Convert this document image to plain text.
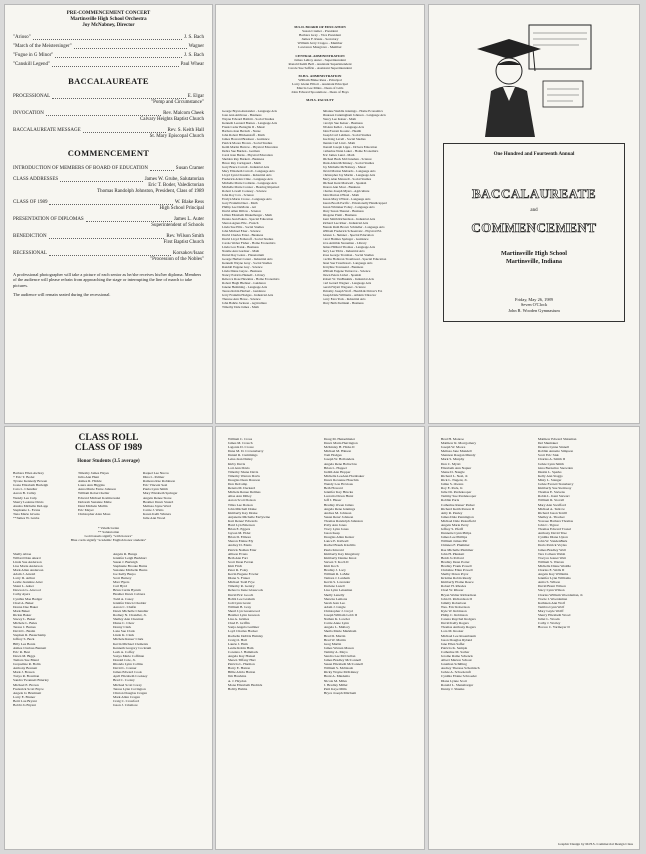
PRE-COMMENCEMENT CONCERT
Martinsville High School Orchestra
Joy McNabney, Director
"Arioso"	J. S. Bach
"March of the Meistersinger"	Wagner
"Fugue in G Minor"	J. S. Bach
"Canskill Legend"	Paul Whear
BACCALAUREATE
PROCESSIONAL	E. Elgar
"Pomp and Circumstance"
INVOCATION	Rev. Malcom Cheek
Calvary Heights Baptist Church
BACCALAUREATE MESSAGE	Rev. S. Keith Hall
St. Mary Episcopal Church
COMMENCEMENT
INTRODUCTION OF MEMBERS OF BOARD OF EDUCATION	Susan Cramer
CLASS ADDRESSES	James W. Grube, Salutatorian
Eric T. Boder, Valedictorian
Thomas Randolph Johnston, President, Class of 1989
CLASS OF 1989	W. Blake Ress
High School Principal
PRESENTATION OF DIPLOMAS	James L. Auter
Superintendent of Schools
BENEDICTION	Rev. Wilson Smith
First Baptist Church
RECESSIONAL	Korsakov/Isaac
"Procession of the Nobles"
A professional photographer will take a picture of each senior as he/she receives his/her diploma. Members of the audience will please refrain from approaching the stage or interrupting the line of march to take pictures.
The audience will remain seated during the recessional.
M.S.D. BOARD OF EDUCATION
Susan Cramer - President
Barbara Gray - Vice President
James F. Rusie - Secretary
William Jerry Crageo - Member
Lawrence Musgrave - Member
CENTRAL ADMINISTRATION
James LeRoy Auter - Superintendent
Ronald Keith Bell - Assistant Superintendent
Carole Sue Seffrin - Assistant Superintendent
M.H.S. ADMINISTRATION
William Blake Ress - Principal
Larry Glenn Elliott - Assistant Principal
Marcia Lee Miles - Dean of Girls
John Edward Spoonmore - Dean of Boys
M.H.S. FACULTY
George Bryan Alexander - Language Arts
Joan Ann Ambrose - Business
Wayne Edward Babbitt - Social Studies
Kenneth Leonard Barnes - Language Arts
Frank Cedar Battaglia II - Music
Barbara Jean Bertsch - Nurse
John Robert Blickenstaff - Math
James Howard Brashear - Guidance
Patrick Moore Brown - Social Studies
Keith Martin Butrow - Physical Education
Debra Sue Burden - German
Carol Jean Burns - Physical Education
Sheldon Ray Burkett - Business
Bruce Ray Carlsgaard - Math
Gary Bruce Carroll - Industrial Arts
Mary Elizabeth Carroll - Language Arts
Lloyd Lynn Chastain - Industrial Arts
Frederick Arlen Cline - Language Arts
Michelle Marie Coddens - Language Arts
Michelle Marie Connor - Hearing Impaired
Robert Lowell Cooksey - Science
John Roy Cox - Science
Evelyn Marie Crowe - Language Arts
Gary Franklin Deer - Math
Phillip Lee DeMotte - Art
David Allen Dillow - Science
Lillian Elizabeth Dinkelberger - Math
Donna Jean Eaken - Special Education
Sharon Agnes Elle - French
Linda Sue Ellis - Social Studies
John Michael Elser - Science
David Charles Ernst - Business
David Lloyd Fetharoff - Social Studies
Carole Weber Fisher - Home Economics
Linda Lou Frank - Business
Natalie Ann Gardner - Math
Darrel Ray Goins - Planetarium
George Herbert Grant - Industrial Arts
Kenneth Wayne Gray - Social Studies
Randall Eugene Guy - Science
Linda Diane Guyre - Business
Nancy Patricia Haskell - Library
Rebecca Rose Hawkins - Home Economics
Robert Hugh Hiebner - Guidance
Janene Hemming - Language Arts
Teresa Robin Herbert - Guidance
Jerry Franklin Hodges - Industrial Arts
Therese Ann Howe - Science
John Bahrle Jackson - Agriculture
Timothy Dale James - Math
Julianne Weddle Jennings - Home Economics
Maureen Cunningham Johnson - Language Arts
Nancy Lee Kaiser - Math
Carolyn Sue Keiser - Business
Jill Ann Keller - Language Arts
John Everett Koontz - Health
Joseph Carl Lehman - Social Studies
Sue King Levell - Social Studies
Dennis Carl Lind - Math
Donald Joseph Lipps - Drivers Education
Catherine Nann Luker - Home Economics
Eric James Lund - Math
Michael Buck McClanahan - Science
Mark Allen McKinney - Social Studies
Joy Michelle McNabney - Music
David Marion Mebards - Language Arts
Christopher Jay Martin - Language Arts
Barry Alan Maxwell - Social Studies
Michael Kent Maxwell - Spanish
Sharon Ann Most - Business
Charles Joseph Myers - Agriculture
John Marion O'Neal - Math
Susan Mary O'Neal - Language Arts
Karen Booth Pacific - Emotionally Handicapped
Susan Whitaker Poltey - Language Arts
Mary Susan Theuret - Business
Imogene Pruitt - Business
Kent Smith Richardson - Industrial Arts
Richard Lee Riser - Industrial Arts
Brenda Ruth Brown Schindler - Language Arts
William Frederick Schoenvetz - Physical Ed.
Alonzo L. Skinner - Special Education
Carol Holmes Springer - Guidance
Iova Armilda Stoneman - Library
James Hilliard Thomas - Language Arts
Jerry Lee Tibbs - Industrial Arts
Rosa George Troxman - Social Studies
Cecilia Holloran Troutbread - Special Education
Janet Sue Troutbread - Language Arts
Terryline Townsend - Business
William Eugene Tuttarove - Science
Dawn Peters Uebel - Spanish
Robert W. VanBuskirk - Industrial Arts
Carl Gerard Wagner - Language Arts
Gerald Wyatt Wagoner - Science
Timothy Joseph Wolf - Health & Driver's Ed.
Joseph Dale Williams - Athletic Director
Larry Ezra York - Industrial Arts
Mary Beth Zielinski - Business
One Hundred and Fourteenth Annual
BACCALAUREATE
and
COMMENCEMENT
Martinsville High School
Martinsville, Indiana
Friday, May 26, 1989
Seven O'Clock
John R. Wooden Gymnasium
CLASS ROLL
CLASS OF 1989
Honor Students (3.5 average)
Barbara Ellen Awbrey
+ Eric T. Boder
Tyrone Kennedy Bowen
Joana Elizabeth Burleigh
Cara L. Chandler
Aaron B. Culley
Wendy Lea Culp
Sherry LeAnne Davis
Alesha Michelle DeLapp
Stephanie L. Evans
Tana Marie Givens
**James W. Grube
Timothy James Hayes
Julia Ann Hunt
Aimee R. Hickle
Laura Ann Higgins
Anna Marie Ferne Johnson
William Robert Keller
Edward Michael Kominowski
Deborah Suzanne Mabe
Dani Michele Mullin
Eric Meyer
Christopher Alan Moss
Raquel Lee Nucos
Dina L. Palmer
Ramona Rae Robinson
Eric Vincent Seal
Paula Lynn Smith
Mary Elizabeth Springer
Angela Renee Stone
Heather Dawn Stuard
Melissa Jayne Ward
Carrie J. Watts
Karen Kelli Winters
Julie Ann Wood
* Valedictorian
** Salutatorian
Gold tassels signify "with honors"
Blue cords signify "academic English honor students"
Shelly Abrae
Willard Dale Akard
Linda Sue Anderson
Lisa Marie Anderson
Mark Allen Anderson
Adam J. Arnold
Larry D. Arthur
Leslie Jeannine Arter
Shani L. Asher
Dawson G. Atwood
Cathy Ayers
Cynthia Mae Badger
Chad A. Baker
Donna Dee Baker
Mark Baker
Rickie Baker
Stacey L. Baker
Michele L. Bales
Teresa J. Barnes
David L. Bastin
Stephen R. Beauchamp
Jeffrey S. Beck
Billy Lee Bonta
Aimee Clarissa Bennett
Eric R. Best
Dawn M. Biggs
Tamara Sue Bland
Jacqueline R. Bolin
Anthony Bonnett
Mark J. Bowen
Tonya R. Bowman
Sandra Twanneti Brierley
Michael E. Brown
Frederick Scott Bryce
Angela Jo Brumnett
Larry E. Bruner
Betti Lou Bryant
Bobbi Jo Bryant
Angela R. Bunge
Jennifer Leigh Burkhart
Susan J. Burleigh
Stephanie Brooke Burns
Suzanne Michelle Burns
Joe Kelly Burpo
Scott Buttery
Marc Byers
Carl Byrd
Brian Curtis Byrum
Heather Dawn Cabrera
Todd A. Casey
Jennifer Dawn Chadder
Aaron C. Chafin
Dawn Michelle Chandler
Rodney N. Chandler, Jr.
Shelley Ann Chestnut
Diane C. Chew
Donny Clark
Lana Sue Clark
Linda K. Clark
Michele Renee' Clark
Kevin Michael Clements
Kenneth Gregory Cockrum
Leah A. Coffey
Sonya Marie Coffman
Donald Cole, Jr.
Rhonda Lynn Collins
David L. Conner
James Edward Cook
April Elizabeth Cooksey
Brad C. Cooley
Michael Scott Corey
Teresa Lynn Covington
Clinton Douglas Cragen
Mark Allen Cragen
Craig C. Crawford
Jason J. Crismore
William C. Cross
James M. Crouch
Lagonia D. Crowe
Dana M. D. Crownsberry
Daniel R. Cummings
Leisa Jean Dailey
Kirby Davis
Lori Ann Davis
Timothy Shane Davis
Timothy Warren Davis
Douglas Dean Dawson
Don DeCamp
Renata M. Deckard
Michele Renee Delmas
Alisa Ann Dilley
Aaron Scott Dotson
Tilisa Lee Dotson
John Mitchell Drake
Kimberly Kay Drake
Anjanette Michelle Earlywine
Kari Renee' Edwards
Harri Lyn Emerson
Brian E. Eggers
Jayson M. Elder
Brian D. Elmore
Sharon Elaine Ely
Andrey D. Ennis
Patrick Nathan Etter
Allison Evans
Beth Ann Farr
Scott Dean Ferran
Kim Fitch
Peter R. Foley
Kevin Eugene Fowler
Diane S. Fraker
Michael Todd Frye
Timothy R. Gentry
Rebecca Irene Glasscock
David Eric Gooch
Bobbi Lee Graham
Jodi Lynn Grant
William B. Gray
Sherri Lyn Greenwood
Heather Lynn Greeson
Lisa A. Grimes
Chad E. Griffin
Sonja Angela Guiltner
Loyd Charles Hacker
Rachelle DeDris Hainley
Craig O. Hall
Laurie J. Ham
Leslie Robin Ham
Corenna J. Hammack
Angela Kay Hansel
Shawn Tiffany Hart
Patricia L. Harmon
Barry E. Hatton
Billie Alicia Hatton
Jim Hawkins
A. J. Haydon
Mona Elizabeth Hedrick
Bobby Helms
Doug M. Henselmeier
Dawn Maria Herrington
McKinley H. Hicks II
Michael M. Hinson
Tom Hodges
Joseph W. Hollanders
Angela Rene Holtsclaw
Brian L. Hoppel
Judith Ann Hopper
Michelle LeeAnn Hornbaker
Dawn Roxanne Houchin
Wendy Lou Hovious
Beth Howard
Jennifer Kay Hrucka
Lucretia Dawn Hurst
Jeff J. Huser
Bradley Owen James
Angela Rene Jennings
Andrea M. Johnson
Susan Rene' Johnson
Thomas Randolph Johnston
Polly Ann Jones
Tracy Lynn Jones
Jason Keep
Douglas Allen Keizer
Lance E. Kidwell
Rachel Bourk Kischlis
Paula Kincaid
Kimberly Kay Kingsbury
Kimberly Denise Knox
Steven T. Koch II
Kim Koch
Bradley J. Lacy
William R. LaMar
Tamara J. Lanham
Kevin S. Lavender
Darlene Lazell
Lisa Lynn Leissman
Shelly Lenelly
Shawna Lemons
Sarah Jean Leo
Adam J. Lingle
Christopher J. Lloyd
Joseph William Lobb II
Nathan K. Lowder
Carrie Anne Lynn
Angela L. Mallory
Sheila Marie Markham
Brad D. Martin
Brad W. Martin
Greg Martin
James Warren Mason
Tammy A. Mayo
Sandra Lee McClellan
James Bradley McConnell
Susan Elizabeth McConnell
William S. McIntosh
Ricky Wayne McKinney
Brent A. Miedema
Nicole M. Miles
J. Bradley Miller
Patti Kaye Mills
Bryce Joseph Mitchem
Brad H. Monroe
Matthew R. Morrgomery
Joseph W. Moore
Melissa Jane Mundell
Shannon Raegan Mundy
Mark S. Murphy
Don C. Myrzi
Elizabeth Ann Napier
Shane D. Naugle
Richard L. Neal, Jr.
Rick L. Nugent, Jr.
Jamie S. Owens
Roy E. Pack, Jr.
Julie Di. Pardekooper
Tammy Sue Pardekooper
Robbin Paris
Catherine Renee' Parker
Richard Keith Parson II
Amy R. Pauley
James Dale Pennington
Michael Dale Pesterfield
Angela Marie Perry
Jeffrey S. Pfeiff
Dannette Lynn Philps
James Lee Phillips
William James Pitt
Chinnea F. Plummer
Rae Michelle Plummer
John H. Plunkett
Heidi Jo Pollard
Bradley Dean Porter
Bradley Frank Powell
Christine Ellen Powell
Shelby Dawn Pryor
Kristine Robin Ready
Kimberly Elaine Reece
Robert H. Rhodes
Chad W. Rhorer
Bryan Walter Richardson
John D. Richardson II
Jammy Robertson
Wes. Eric Robertson
Kyle W. Robinson
Philip C. Robinson
Carena Ruychel Rodgers
David Kelly Rogers
Thomas Anthony Rogers
Lora M. Rooker
Michael Lee Rosenbaum
Jason Douglas Ryland
Jane Ellen Saffer
Patricia K. Sample
Catherine M. Sarber
Jerome Rame Schenck
Albert Marion Schour
Jonathan Schilling
Audrey Therese Schomisch
Jackie A. Schooleruft
Cynthia Elaine Schroeder
Diana Lynne Scott
Ronald L. Shanabarger
Danny J. Shanks
Matthew Edward Shireman
Del Shumaker
Deanna Lynne Sinnell
Robbin Annette Simpson
Scott Eric Sisk
Charles A. Smith II
Jackie Lynn Smith
Gina Bernalice Snowden
Dustin L. Sparks
Kelly Ann Staggs
Misty L. Stanger
Jackie Everett Stansberry
Kimberly Sue Steinway
Thomas E. Stevens
Robin L. Kent Stewart
William R. Stovall
Mary Ann Swafford
Michael A. Tedrow
Richard Jason Terrill
Shelley A. Thacker
Yowaee Barbara Thomas
John C. Tignor
Thomas Edward Tronal
Anthony David True
Cynthia Diane Upton
John W. VandenBerk
Doris Patrick Voyles
James Bradley Wall
Tara Colleen Walsh
Tracyce Jeanet Watt
William S. Warren
Michelle Diane Weddle
Charles E. Wells II
Angela Kay Williams
Jennifer Lynn Williams
Anita S. Wilson
David Brent Wilson
Stacy Lynn Wilson
Charles William Woerdeman, Jr.
Tracie I. Woerdeman
Kathleen Ann Wolf
Tambra Lynn Wolf
Mary Gayle Wolff
Sherry Elizabeth Wood
Juliet L. Woods
Cathy J. Worley
Horace C. Yarmeyer II
Graphic Design by M.H.S. Commercial Design Class
